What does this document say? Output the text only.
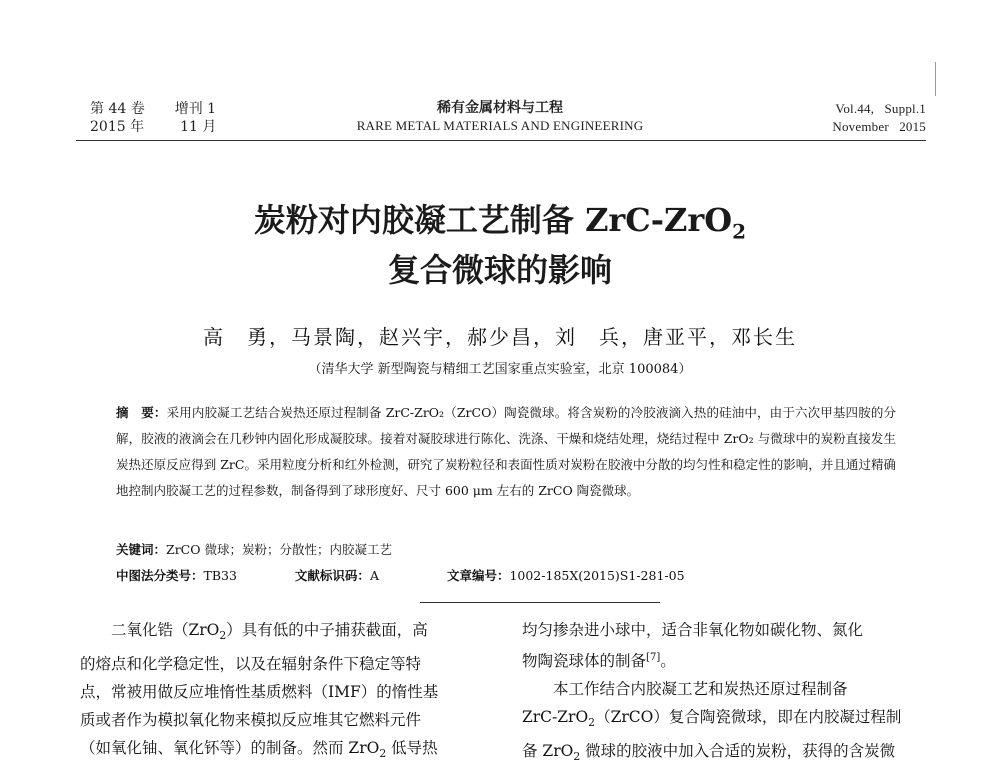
第 44 卷 增刊 1
2015 年	11 月
稀有金属材料与工程
RARE METAL MATERIALS AND ENGINEERING
Vol.44,   Suppl.1
November   2015
炭粉对内胶凝工艺制备 ZrC-ZrO$_2$
复合微球的影响
高　勇，马景陶，赵兴宇，郝少昌，刘　兵，唐亚平，邓长生
（清华大学 新型陶瓷与精细工艺国家重点实验室，北京 100084）
摘　要：采用内胶凝工艺结合炭热还原过程制备 ZrC-ZrO₂（ZrCO）陶瓷微球。将含炭粉的冷胶液滴入热的硅油中，由于六次甲基四胺的分解，胶液的液滴会在几秒钟内固化形成凝胶球。接着对凝胶球进行陈化、洗涤、干燥和烧结处理，烧结过程中 ZrO₂ 与微球中的炭粉直接发生炭热还原反应得到 ZrC。采用粒度分析和红外检测，研究了炭粉粒径和表面性质对炭粉在胶液中分散的均匀性和稳定性的影响，并且通过精确地控制内胶凝工艺的过程参数，制备得到了球形度好、尺寸 600 μm 左右的 ZrCO 陶瓷微球。
关键词：ZrCO 微球；炭粉；分散性；内胶凝工艺
中图法分类号：TB33	文献标识码：A	文章编号：1002-185X(2015)S1-281-05

二氧化锆（ZrO$_2$）具有低的中子捕获截面，高

的熔点和化学稳定性，以及在辐射条件下稳定等特

点，常被用做反应堆惰性基质燃料（IMF）的惰性基

质或者作为模拟氧化物来模拟反应堆其它燃料元件

（如氧化铀、氧化钚等）的制备。然而 ZrO$_2$ 低导热

均匀掺杂进小球中，适合非氧化物如碳化物、氮化

物陶瓷球体的制备[7]。

本工作结合内胶凝工艺和炭热还原过程制备

ZrC-ZrO$_2$（ZrCO）复合陶瓷微球，即在内胶凝过程制

备 ZrO$_2$ 微球的胶液中加入合适的炭粉，获得的含炭微
